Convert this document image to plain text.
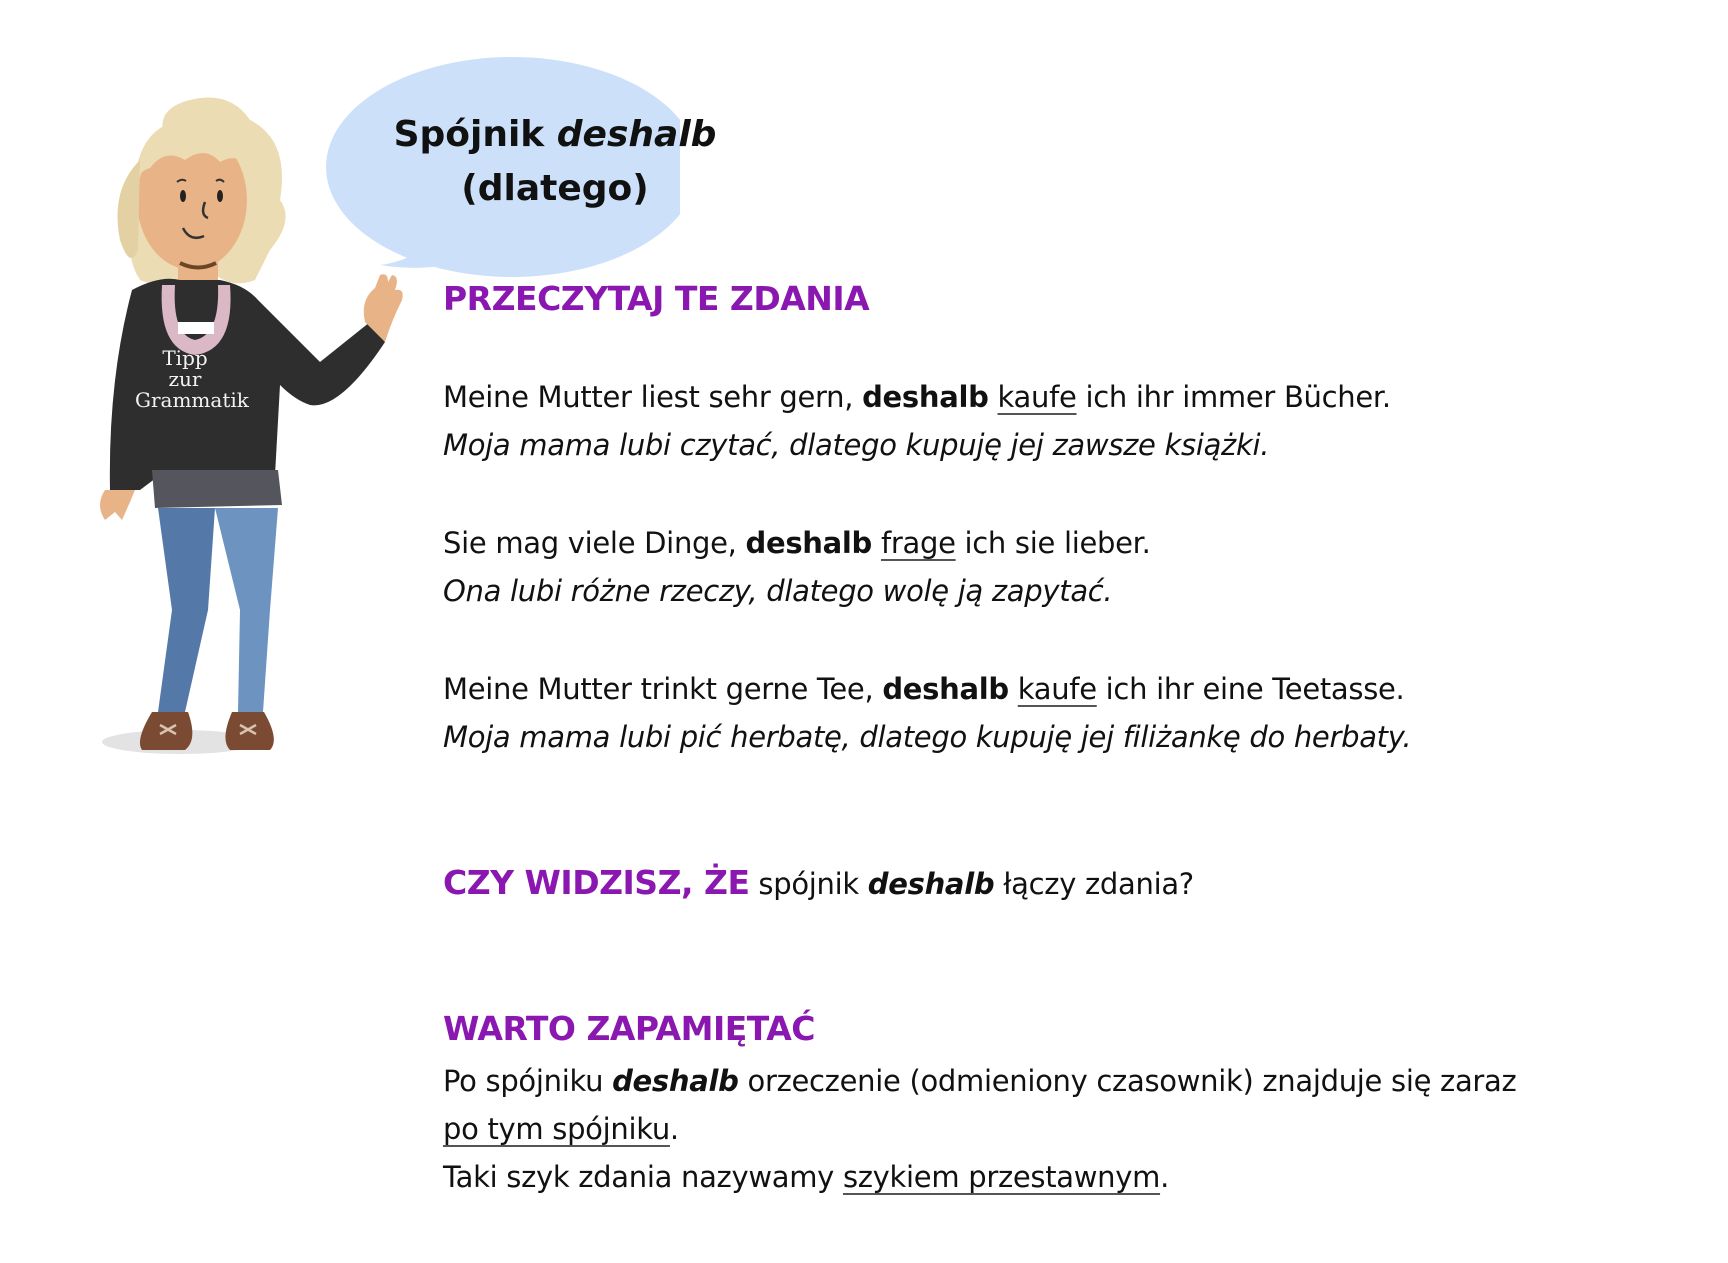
Tipp
zur
Grammatik
Spójnik deshalb
(dlatego)
PRZECZYTAJ TE ZDANIA
Meine Mutter liest sehr gern, deshalb kaufe ich ihr immer Bücher.
Moja mama lubi czytać, dlatego kupuję jej zawsze książki.
Sie mag viele Dinge, deshalb frage ich sie lieber.
Ona lubi różne rzeczy, dlatego wolę ją zapytać.
Meine Mutter trinkt gerne Tee, deshalb kaufe ich ihr eine Teetasse.
Moja mama lubi pić herbatę, dlatego kupuję jej filiżankę do herbaty.
CZY WIDZISZ, ŻE spójnik deshalb łączy zdania?
WARTO ZAPAMIĘTAĆ
Po spójniku deshalb orzeczenie (odmieniony czasownik) znajduje się zaraz
po tym spójniku.
Taki szyk zdania nazywamy szykiem przestawnym.
